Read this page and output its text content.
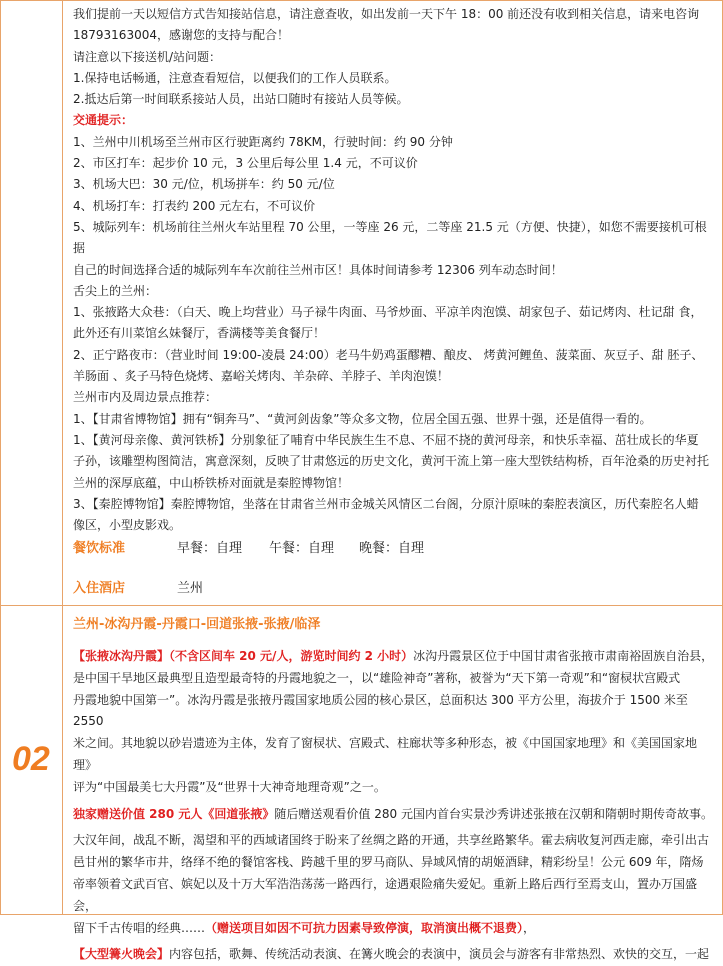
我们提前一天以短信方式告知接站信息，请注意查收，如出发前一天下午 18：00 前还没有收到相关信息，请来电咨询

18793163004，感谢您的支持与配合！

请注意以下接送机/站问题：

1.保持电话畅通，注意查看短信，以便我们的工作人员联系。

2.抵达后第一时间联系接站人员，出站口随时有接站人员等候。

交通提示：

1、兰州中川机场至兰州市区行驶距离约 78KM，行驶时间：约 90 分钟

2、市区打车：起步价 10 元，3 公里后每公里 1.4 元，不可议价

3、机场大巴：30 元/位，机场拼车：约 50 元/位

4、机场打车：打表约 200 元左右，不可议价

5、城际列车：机场前往兰州火车站里程 70 公里，一等座 26 元，二等座 21.5 元（方便、快捷），如您不需要接机可根据

自己的时间选择合适的城际列车车次前往兰州市区！具体时间请参考 12306 列车动态时间！

舌尖上的兰州：

1、张掖路大众巷：（白天、晚上均营业）马子禄牛肉面、马爷炒面、平凉羊肉泡馍、胡家包子、茹记烤肉、杜记甜 食，

此外还有川菜馆幺妹餐厅，香满楼等美食餐厅！

2、正宁路夜市：（营业时间 19:00-凌晨 24:00）老马牛奶鸡蛋醪糟、酿皮、 烤黄河鲤鱼、菠菜面、灰豆子、甜 胚子、

羊肠面 、炙子马特色烧烤、嘉峪关烤肉、羊杂碎、羊脖子、羊肉泡馍！

兰州市内及周边景点推荐：

1、【甘肃省博物馆】拥有“铜奔马”、“黄河剑齿象”等众多文物，位居全国五强、世界十强，还是值得一看的。

1、【黄河母亲像、黄河铁桥】分别象征了哺育中华民族生生不息、不屈不挠的黄河母亲，和快乐幸福、茁壮成长的华夏

子孙，该雕塑构图简洁，寓意深刻，反映了甘肃悠远的历史文化，黄河干流上第一座大型铁结构桥，百年沧桑的历史衬托

兰州的深厚底蕴，中山桥铁桥对面就是秦腔博物馆！

3、【秦腔博物馆】秦腔博物馆，坐落在甘肃省兰州市金城关风情区二台阁，分原汁原味的秦腔表演区，历代秦腔名人蜡

像区，小型皮影戏。

餐饮标准	早餐：自理 午餐：自理 晚餐：自理
入住酒店	兰州
02
兰州-冰沟丹霞-丹霞口-回道张掖-张掖/临泽
【张掖冰沟丹霞】（不含区间车 20 元/人，游览时间约 2 小时）冰沟丹霞景区位于中国甘肃省张掖市肃南裕固族自治县，
是中国干旱地区最典型且造型最奇特的丹霞地貌之一，以“雄险神奇”著称，被誉为“天下第一奇观”和“窗棂状宫殿式
丹霞地貌中国第一”。冰沟丹霞是张掖丹霞国家地质公园的核心景区，总面积达 300 平方公里，海拔介于 1500 米至 2550
米之间。其地貌以砂岩遗迹为主体，发育了窗棂状、宫殿式、柱廊状等多种形态，被《中国国家地理》和《美国国家地理》
评为“中国最美七大丹霞”及“世界十大神奇地理奇观”之一。
独家赠送价值 280 元人《回道张掖》随后赠送观看价值 280 元国内首台实景沙秀讲述张掖在汉朝和隋朝时期传奇故事。
大汉年间，战乱不断，渴望和平的西域诸国终于盼来了丝绸之路的开通，共享丝路繁华。霍去病收复河西走廊，牵引出古
邑甘州的繁华市井，络绎不绝的餐馆客栈、跨越千里的罗马商队、异域风情的胡姬酒肆，精彩纷呈！公元 609 年，隋炀
帝率领着文武百官、嫔妃以及十万大军浩浩荡荡一路西行，途遇艰险痛失爱妃。重新上路后西行至焉支山，置办万国盛会，
留下千古传唱的经典……（赠送项目如因不可抗力因素导致停演，取消演出概不退费），
【大型篝火晚会】内容包括，歌舞、传统活动表演、在篝火晚会的表演中，演员会与游客有非常热烈、欢快的交互，一起
